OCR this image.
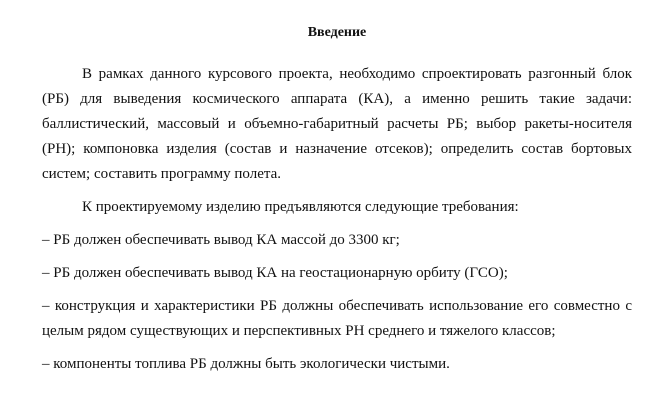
Введение

В рамках данного курсового проекта, необходимо спроектировать разгонный блок (РБ) для выведения космического аппарата (КА), а именно решить такие задачи: баллистический, массовый и объемно-габаритный расчеты РБ; выбор ракеты-носителя (РН); компоновка изделия (состав и назначение отсеков); определить состав бортовых систем; составить программу полета.

К проектируемому изделию предъявляются следующие требования:

– РБ должен обеспечивать вывод КА массой до 3300 кг;

– РБ должен обеспечивать вывод КА на геостационарную орбиту (ГСО);

– конструкция и характеристики РБ должны обеспечивать использование его совместно с целым рядом существующих и перспективных РН среднего и тяжелого классов;

– компоненты топлива РБ должны быть экологически чистыми.
